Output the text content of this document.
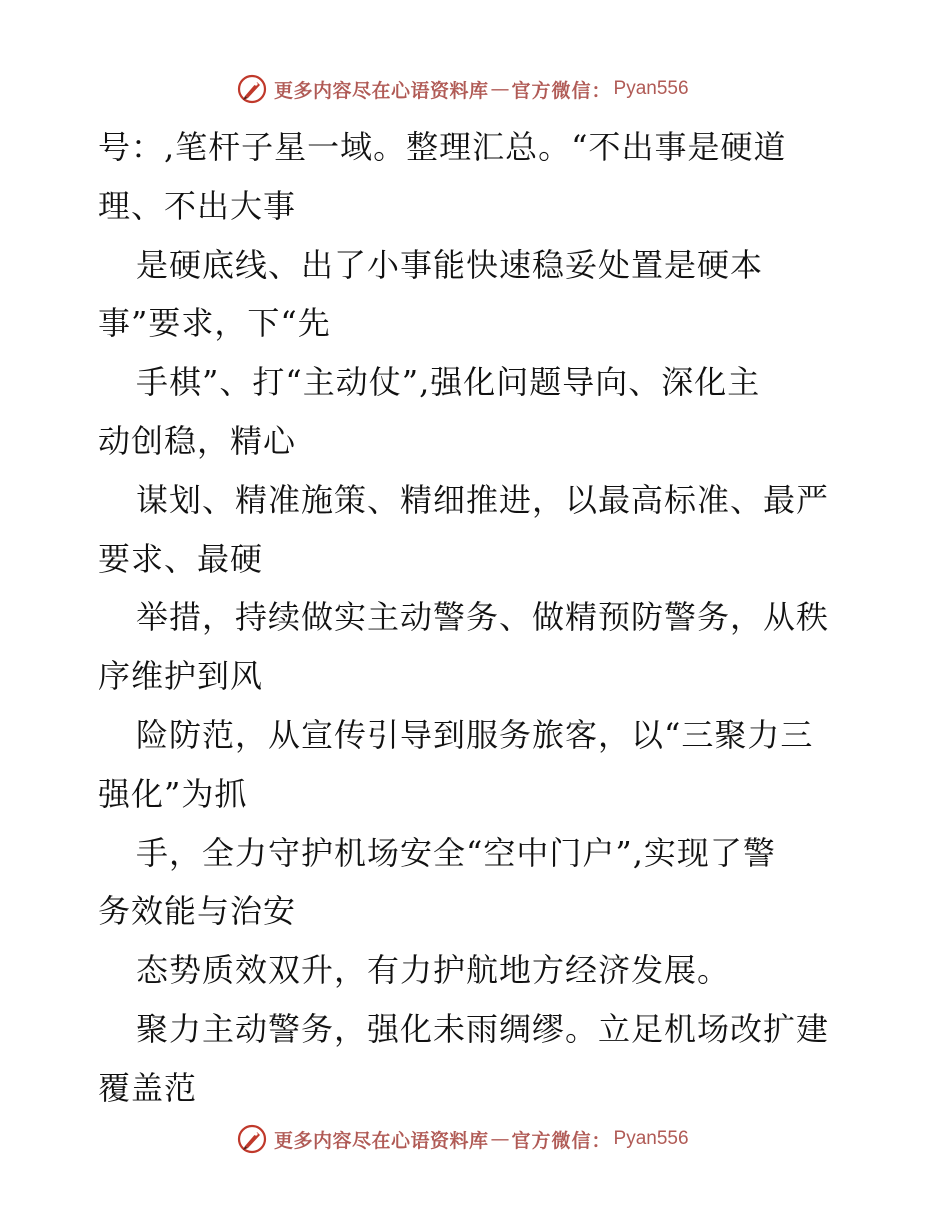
更多内容尽在心语资料库 — 官方微信： Pyan556
号：,笔杆子星一域。整理汇总。“不出事是硬道
理、不出大事
是硬底线、出了小事能快速稳妥处置是硬本
事”要求，下“先
手棋”、打“主动仗”,强化问题导向、深化主
动创稳，精心
谋划、精准施策、精细推进，以最高标准、最严
要求、最硬
举措，持续做实主动警务、做精预防警务，从秩
序维护到风
险防范，从宣传引导到服务旅客，以“三聚力三
强化”为抓
手，全力守护机场安全“空中门户”,实现了警
务效能与治安
态势质效双升，有力护航地方经济发展。
聚力主动警务，强化未雨绸缪。立足机场改扩建
覆盖范
更多内容尽在心语资料库 — 官方微信： Pyan556
